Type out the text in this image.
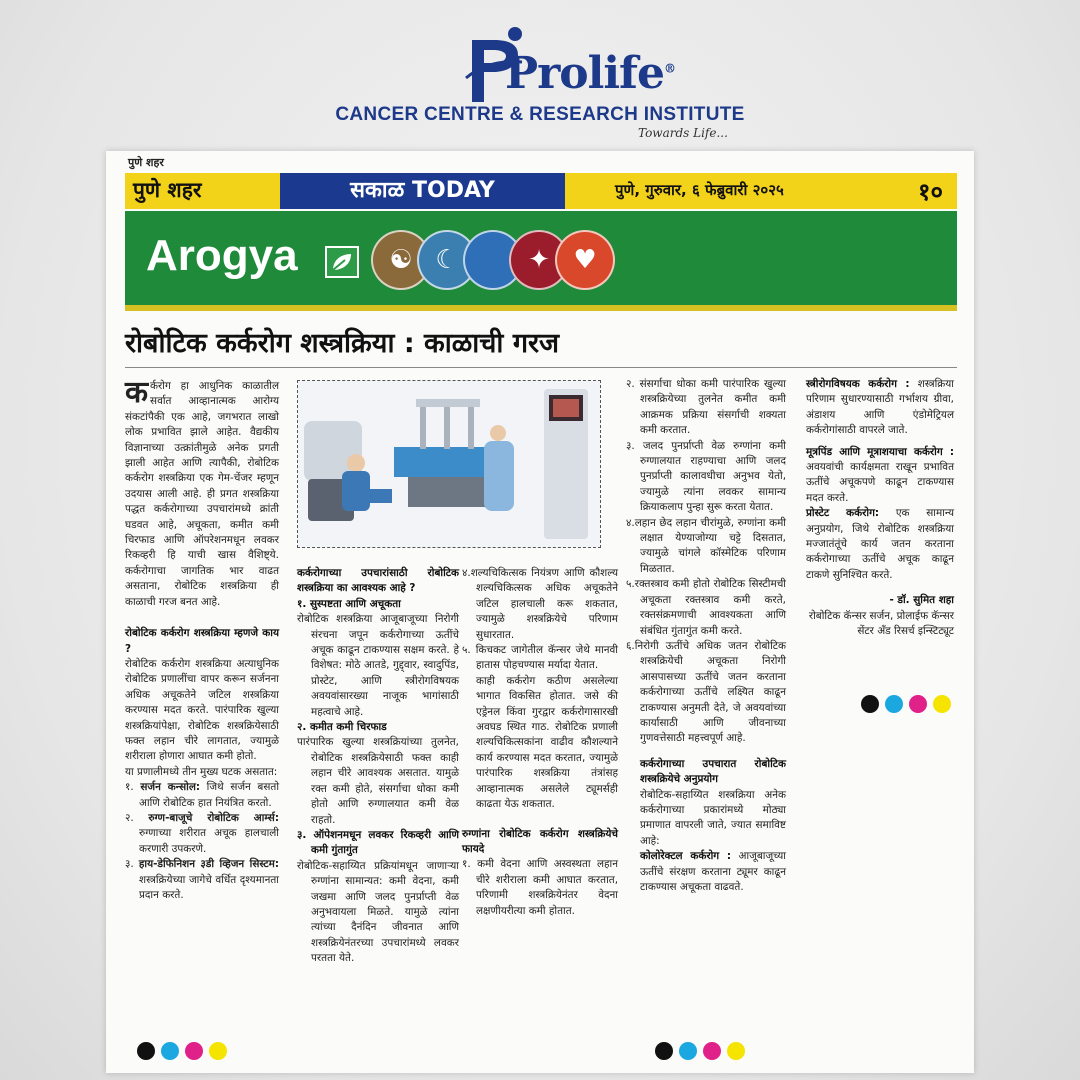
Prolife®
CANCER CENTRE & RESEARCH INSTITUTE
Towards Life...
पुणे शहर
पुणे शहर	सकाळ TODAY	पुणे, गुरुवार, ६ फेब्रुवारी २०२५	१०
Arogya	☯ ☾	✦ ♥
रोबोटिक कर्करोग शस्त्रक्रिया : काळाची गरज

कर्करोग हा आधुनिक काळातील सर्वात आव्हानात्मक आरोग्य संकटांपैकी एक आहे, जगभरात लाखो लोक प्रभावित झाले आहेत. वैद्यकीय विज्ञानाच्या उत्क्रांतीमुळे अनेक प्रगती झाली आहेत आणि त्यापैकी, रोबोटिक कर्करोग शस्त्रक्रिया एक गेम-चेंजर म्हणून उदयास आली आहे. ही प्रगत शस्त्रक्रिया पद्धत कर्करोगाच्या उपचारांमध्ये क्रांती घडवत आहे, अचूकता, कमीत कमी चिरफाड आणि ऑपरेशनमधून लवकर रिकव्हरी हि याची खास वैशिष्ट्ये. कर्करोगाचा जागतिक भार वाढत असताना, रोबोटिक शस्त्रक्रिया ही काळाची गरज बनत आहे.

रोबोटिक कर्करोग शस्त्रक्रिया म्हणजे काय ?

रोबोटिक कर्करोग शस्त्रक्रिया अत्याधुनिक रोबोटिक प्रणालींचा वापर करून सर्जनना अधिक अचूकतेने जटिल शस्त्रक्रिया करण्यास मदत करते. पारंपारिक खुल्या शस्त्रक्रियांपेक्षा, रोबोटिक शस्त्रक्रियेसाठी फक्त लहान चीरे लागतात, ज्यामुळे शरीराला होणारा आघात कमी होतो.

या प्रणालीमध्ये तीन मुख्य घटक असतात:

१. सर्जन कन्सोल: जिथे सर्जन बसतो आणि रोबोटिक हात नियंत्रित करतो.

२. रुग्ण-बाजूचे रोबोटिक आर्म्स: रुग्णाच्या शरीरात अचूक हालचाली करणारी उपकरणे.

३. हाय-डेफिनिशन ३डी व्हिजन सिस्टम: शस्त्रक्रियेच्या जागेचे वर्धित दृश्यमानता प्रदान करते.

कर्करोगाच्या उपचारांसाठी रोबोटिक शस्त्रक्रिया का आवश्यक आहे ?

१. सुस्पष्टता आणि अचूकता

रोबोटिक शस्त्रक्रिया आजूबाजूच्या निरोगी संरचना जपून कर्करोगाच्या ऊतींचे अचूक काढून टाकण्यास सक्षम करते. हे विशेषत: मोठे आतडे, गुद्द्वार, स्वादुपिंड, प्रोस्टेट, आणि स्त्रीरोगविषयक अवयवांसारख्या नाजूक भागांसाठी महत्वाचे आहे.

२. कमीत कमी चिरफाड

पारंपारिक खुल्या शस्त्रक्रियांच्या तुलनेत, रोबोटिक शस्त्रक्रियेसाठी फक्त काही लहान चीरे आवश्यक असतात. यामुळे रक्त कमी होते, संसर्गाचा धोका कमी होतो आणि रुग्णालयात कमी वेळ राहतो.

३. ऑपेशनमधून लवकर रिकव्हरी आणि कमी गुंतागुंत

रोबोटिक-सहाय्यित प्रक्रियांमधून जाणाऱ्या रुग्णांना सामान्यत: कमी वेदना, कमी जखमा आणि जलद पुनर्प्राप्ती वेळ अनुभवायला मिळते. यामुळे त्यांना त्यांच्या दैनंदिन जीवनात आणि शस्त्रक्रियेनंतरच्या उपचारांमध्ये लवकर परतता येते.

४.शल्यचिकित्सक नियंत्रण आणि कौशल्य शल्यचिकित्सक अधिक अचूकतेने जटिल हालचाली करू शकतात, ज्यामुळे शस्त्रक्रियेचे परिणाम सुधारतात.

५. किचकट जागेतील कॅन्सर जेथे मानवी हातास पोहचण्यास मर्यादा येतात.

काही कर्करोग कठीण असलेल्या भागात विकसित होतात. जसे की एड्रेनल किंवा गुरद्वार कर्करोगासारखी अवघड स्थित गाठ. रोबोटिक प्रणाली शल्यचिकित्सकांना वाढीव कौशल्याने कार्य करण्यास मदत करतात, ज्यामुळे पारंपारिक शस्त्रक्रिया तंत्रांसह आव्हानात्मक असलेले ट्यूमर्सही काढता येऊ शकतात.

रुग्णांना रोबोटिक कर्करोग शस्त्रक्रियेचे फायदे

१. कमी वेदना आणि अस्वस्थता लहान चीरे शरीराला कमी आघात करतात, परिणामी शस्त्रक्रियेनंतर वेदना लक्षणीयरीत्या कमी होतात.

२. संसर्गाचा धोका कमी पारंपारिक खुल्या शस्त्रक्रियेच्या तुलनेत कमीत कमी आक्रमक प्रक्रिया संसर्गाची शक्यता कमी करतात.

३. जलद पुनर्प्राप्ती वेळ रुग्णांना कमी रुग्णालयात राहण्याचा आणि जलद पुनर्प्राप्ती कालावधीचा अनुभव येतो, ज्यामुळे त्यांना लवकर सामान्य क्रियाकलाप पुन्हा सुरू करता येतात.

४.लहान छेद लहान चीरांमुळे, रुग्णांना कमी लक्षात येण्याजोग्या चट्टे दिसतात, ज्यामुळे चांगले कॉस्मेटिक परिणाम मिळतात.

५.रक्तस्त्राव कमी होतो रोबोटिक सिस्टीमची अचूकता रक्तस्त्राव कमी करते, रक्तसंक्रमणाची आवश्यकता आणि संबंधित गुंतागुंत कमी करते.

६.निरोगी ऊतींचे अधिक जतन रोबोटिक शस्त्रक्रियेची अचूकता निरोगी आसपासच्या ऊतींचे जतन करताना कर्करोगाच्या ऊतींचे लक्ष्यित काढून टाकण्यास अनुमती देते, जे अवयवांच्या कार्यासाठी आणि जीवनाच्या गुणवत्तेसाठी महत्त्वपूर्ण आहे.

कर्करोगाच्या उपचारात रोबोटिक शस्त्रक्रियेचे अनुप्रयोग

रोबोटिक-सहाय्यित शस्त्रक्रिया अनेक कर्करोगाच्या प्रकारांमध्ये मोठ्या प्रमाणात वापरली जाते, ज्यात समाविष्ट आहे:

कोलोरेक्टल कर्करोग : आजूबाजूच्या ऊतींचे संरक्षण करताना ट्यूमर काढून टाकण्यास अचूकता वाढवते.

स्त्रीरोगविषयक कर्करोग : शस्त्रक्रिया परिणाम सुधारण्यासाठी गर्भाशय ग्रीवा, अंडाशय आणि एंडोमेट्रियल कर्करोगांसाठी वापरले जाते.

मूत्रपिंड आणि मूत्राशयाचा कर्करोग : अवयवांची कार्यक्षमता राखून प्रभावित ऊतींचे अचूकपणे काढून टाकण्यास मदत करते.

प्रोस्टेट कर्करोग: एक सामान्य अनुप्रयोग, जिथे रोबोटिक शस्त्रक्रिया मज्जातंतूंचे कार्य जतन करताना कर्करोगाच्या ऊतींचे अचूक काढून टाकणे सुनिश्चित करते.

- डॉ. सुमित शहा

रोबोटिक कॅन्सर सर्जन, प्रोलाईफ कॅन्सर सेंटर अँड रिसर्च इन्स्टिट्यूट
